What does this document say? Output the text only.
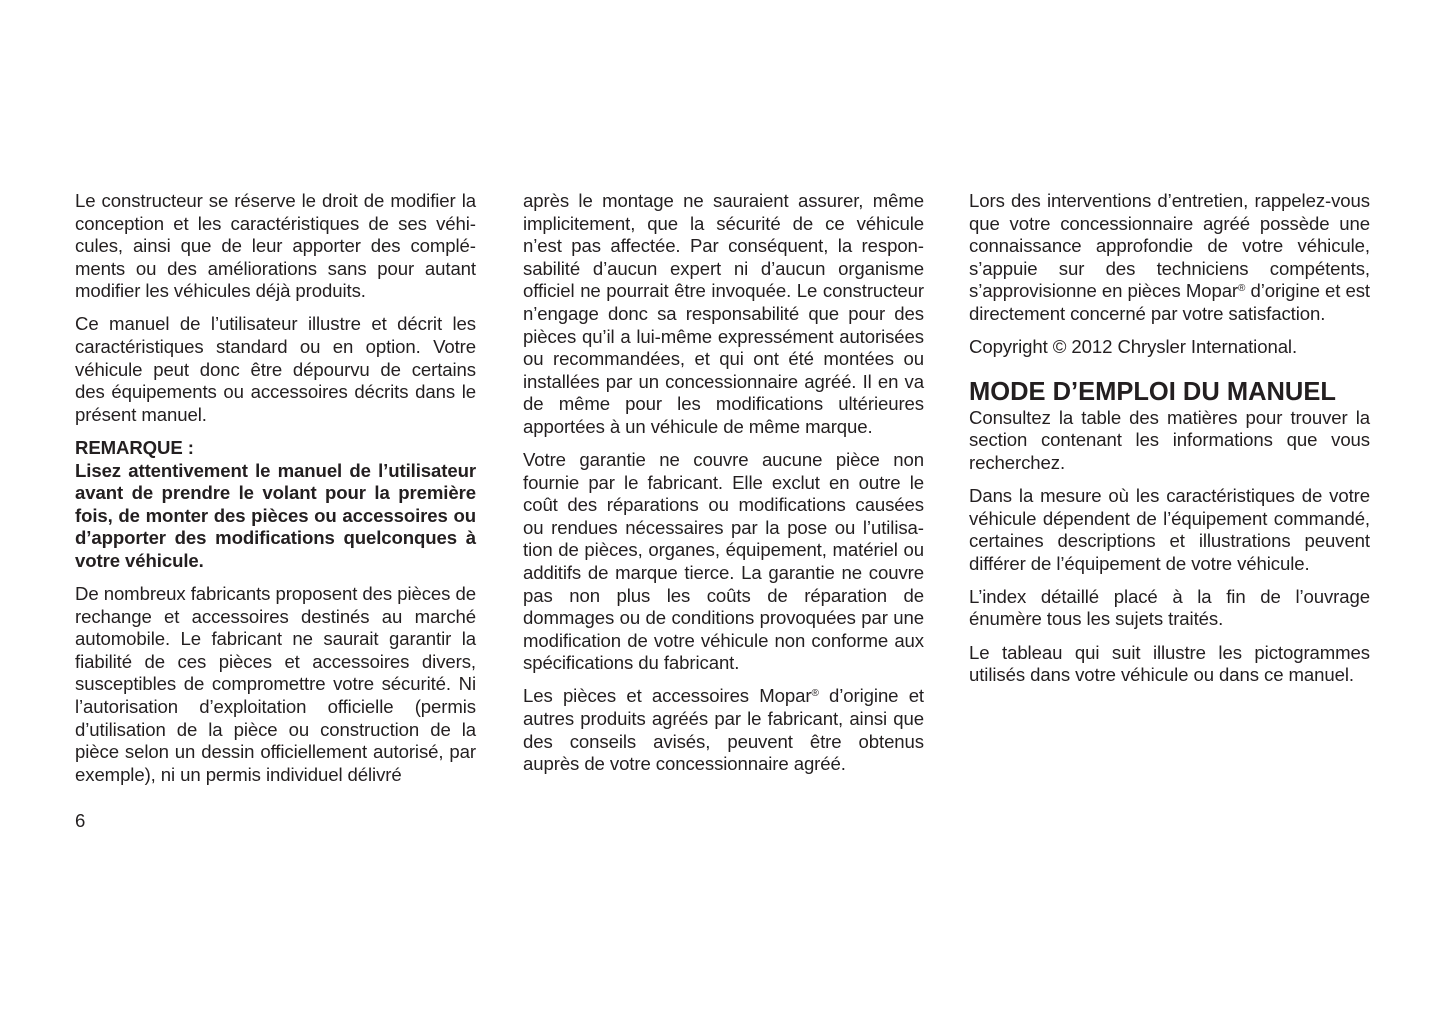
Le constructeur se réserve le droit de modifier la conception et les caractéristiques de ses véhicules, ainsi que de leur apporter des compléments ou des améliorations sans pour autant modifier les véhicules déjà produits.

Ce manuel de l’utilisateur illustre et décrit les caractéristiques standard ou en option. Votre véhicule peut donc être dépourvu de certains des équipements ou accessoires décrits dans le présent manuel.

REMARQUE :

Lisez attentivement le manuel de l’utilisateur avant de prendre le volant pour la première fois, de monter des pièces ou accessoires ou d’apporter des modifications quelconques à votre véhicule.

De nombreux fabricants proposent des pièces de rechange et accessoires destinés au marché automobile. Le fabricant ne saurait garantir la fiabilité de ces pièces et accessoires divers, susceptibles de compromettre votre sécurité. Ni l’autorisation d’exploitation officielle (permis d’utilisation de la pièce ou construction de la pièce selon un dessin officiellement autorisé, par exemple), ni un permis individuel délivré

après le montage ne sauraient assurer, même implicitement, que la sécurité de ce véhicule n’est pas affectée. Par conséquent, la responsabilité d’aucun expert ni d’aucun organisme officiel ne pourrait être invoquée. Le constructeur n’engage donc sa responsabilité que pour des pièces qu’il a lui-même expressément autorisées ou recommandées, et qui ont été montées ou installées par un concessionnaire agréé. Il en va de même pour les modifications ultérieures apportées à un véhicule de même marque.

Votre garantie ne couvre aucune pièce non fournie par le fabricant. Elle exclut en outre le coût des réparations ou modifications causées ou rendues nécessaires par la pose ou l’utilisation de pièces, organes, équipement, matériel ou additifs de marque tierce. La garantie ne couvre pas non plus les coûts de réparation de dommages ou de conditions provoquées par une modification de votre véhicule non conforme aux spécifications du fabricant.

Les pièces et accessoires Mopar® d’origine et autres produits agréés par le fabricant, ainsi que des conseils avisés, peuvent être obtenus auprès de votre concessionnaire agréé.

Lors des interventions d’entretien, rappelez-vous que votre concessionnaire agréé possède une connaissance approfondie de votre véhicule, s’appuie sur des techniciens compétents, s’approvisionne en pièces Mopar® d’origine et est directement concerné par votre satisfaction.

Copyright © 2012 Chrysler International.

MODE D’EMPLOI DU MANUEL

Consultez la table des matières pour trouver la section contenant les informations que vous recherchez.

Dans la mesure où les caractéristiques de votre véhicule dépendent de l’équipement commandé, certaines descriptions et illustrations peuvent différer de l’équipement de votre véhicule.

L’index détaillé placé à la fin de l’ouvrage énumère tous les sujets traités.

Le tableau qui suit illustre les pictogrammes utilisés dans votre véhicule ou dans ce manuel.

6
